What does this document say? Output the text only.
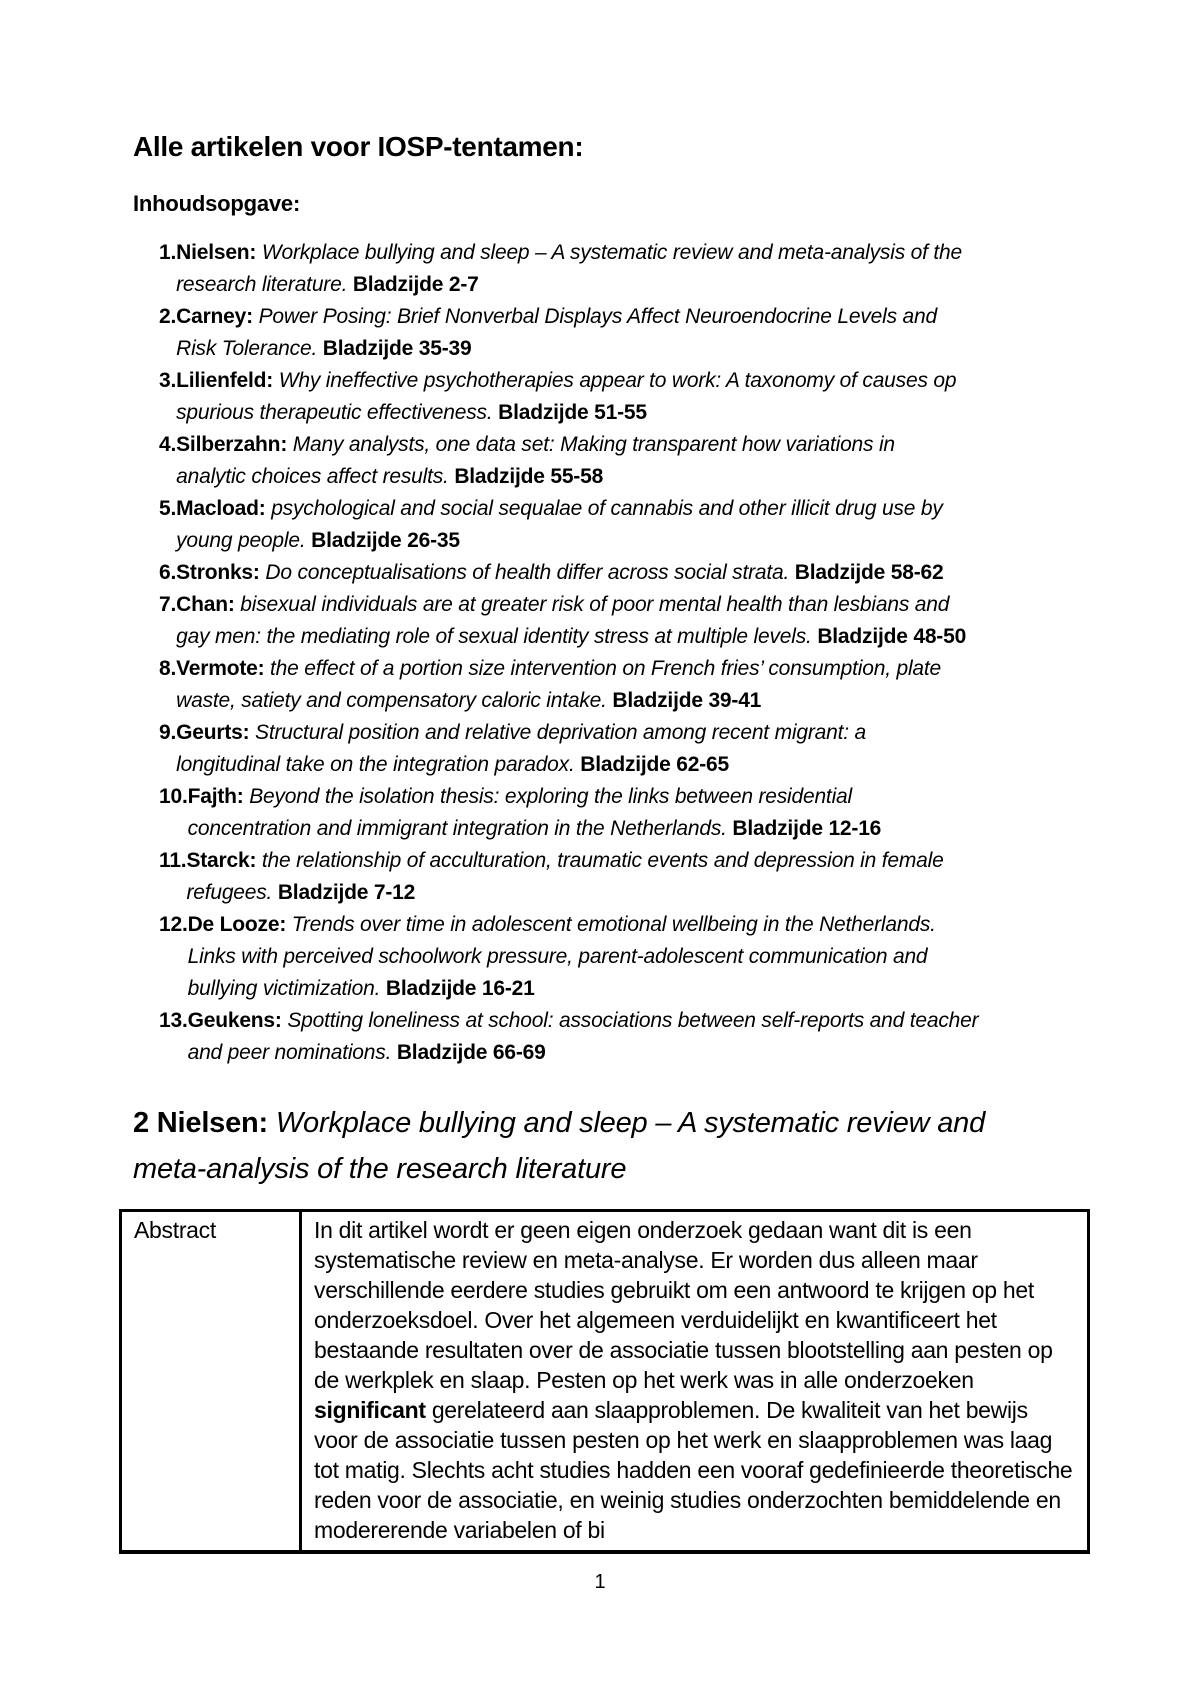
Alle artikelen voor IOSP-tentamen:
Inhoudsopgave:
1. Nielsen: Workplace bullying and sleep – A systematic review and meta-analysis of the research literature. Bladzijde 2-7
2. Carney: Power Posing: Brief Nonverbal Displays Affect Neuroendocrine Levels and Risk Tolerance. Bladzijde 35-39
3. Lilienfeld: Why ineffective psychotherapies appear to work: A taxonomy of causes op spurious therapeutic effectiveness. Bladzijde 51-55
4. Silberzahn: Many analysts, one data set: Making transparent how variations in analytic choices affect results. Bladzijde 55-58
5. Macload: psychological and social sequalae of cannabis and other illicit drug use by young people. Bladzijde 26-35
6. Stronks: Do conceptualisations of health differ across social strata. Bladzijde 58-62
7. Chan: bisexual individuals are at greater risk of poor mental health than lesbians and gay men: the mediating role of sexual identity stress at multiple levels. Bladzijde 48-50
8. Vermote: the effect of a portion size intervention on French fries’ consumption, plate waste, satiety and compensatory caloric intake. Bladzijde 39-41
9. Geurts: Structural position and relative deprivation among recent migrant: a longitudinal take on the integration paradox. Bladzijde 62-65
10. Fajth: Beyond the isolation thesis: exploring the links between residential concentration and immigrant integration in the Netherlands. Bladzijde 12-16
11. Starck: the relationship of acculturation, traumatic events and depression in female refugees. Bladzijde 7-12
12. De Looze: Trends over time in adolescent emotional wellbeing in the Netherlands. Links with perceived schoolwork pressure, parent-adolescent communication and bullying victimization. Bladzijde 16-21
13. Geukens: Spotting loneliness at school: associations between self-reports and teacher and peer nominations. Bladzijde 66-69
2 Nielsen: Workplace bullying and sleep – A systematic review and meta-analysis of the research literature
Abstract	In dit artikel wordt er geen eigen onderzoek gedaan want dit is een systematische review en meta-analyse. Er worden dus alleen maar verschillende eerdere studies gebruikt om een antwoord te krijgen op het onderzoeksdoel. Over het algemeen verduidelijkt en kwantificeert het bestaande resultaten over de associatie tussen blootstelling aan pesten op de werkplek en slaap. Pesten op het werk was in alle onderzoeken significant gerelateerd aan slaapproblemen. De kwaliteit van het bewijs voor de associatie tussen pesten op het werk en slaapproblemen was laag tot matig. Slechts acht studies hadden een vooraf gedefinieerde theoretische reden voor de associatie, en weinig studies onderzochten bemiddelende en modererende variabelen of bi
1
